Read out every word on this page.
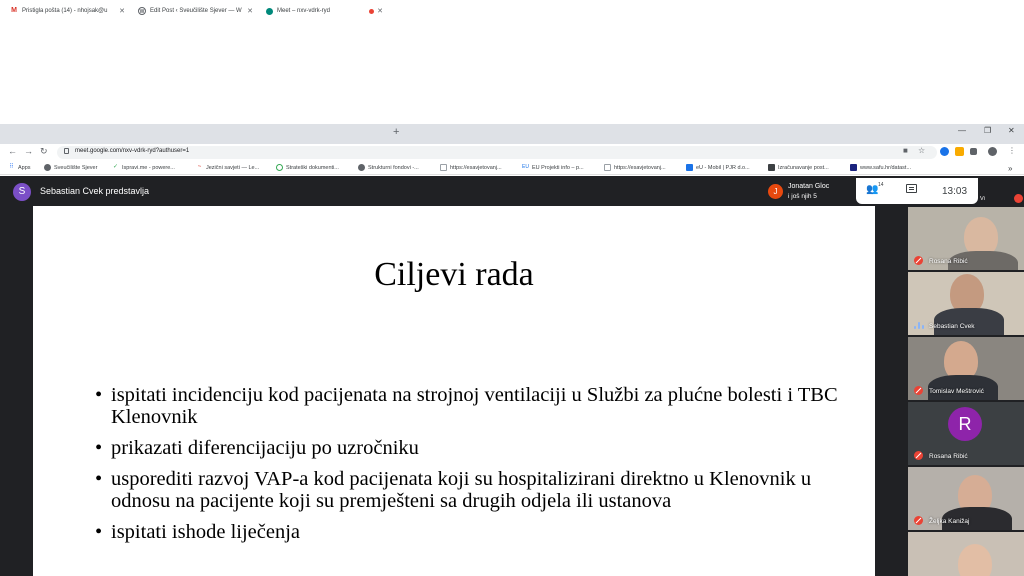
M Pristigla pošta (14) - nhojsak@u ✕	W Edit Post ‹ Sveučilište Sjever — W ✕	Meet – nxv-vdrk-ryd	✕
+	— ❐ ✕
← → ↻	meet.google.com/nxv-vdrk-ryd?authuser=1	■ ☆	⋮
⠿ Apps	Sveučilište Sjever	✓ Ispravi.me - powere...	~ Jezični savjeti — Le...	Strateški dokumenti...	Strukturni fondovi -...	https://esavjetovanj...	EU EU Projekti info – p...	https://esavjetovanj...	eU - Mobil | PJR d.o...	Izračunavanje post...	www.safu.hr/datast...	»
S	Sebastian Cvek predstavlja	J
Jonatan Gloc
i još njih 5
👥 14
13:03
Vi
Ciljevi rada
• ispitati incidenciju kod pacijenata na strojnoj ventilaciji u Službi za plućne bolesti i TBC Klenovnik
• prikazati diferencijaciju po uzročniku
• usporediti razvoj VAP-a kod pacijenata koji su hospitalizirani direktno u Klenovnik u odnosu na pacijente koji su premješteni sa drugih odjela ili ustanova
• ispitati ishode liječenja
Rosana Ribić
Sebastian Cvek
Tomislav Meštrović
R
Rosana Ribić
Željka Kanižaj
